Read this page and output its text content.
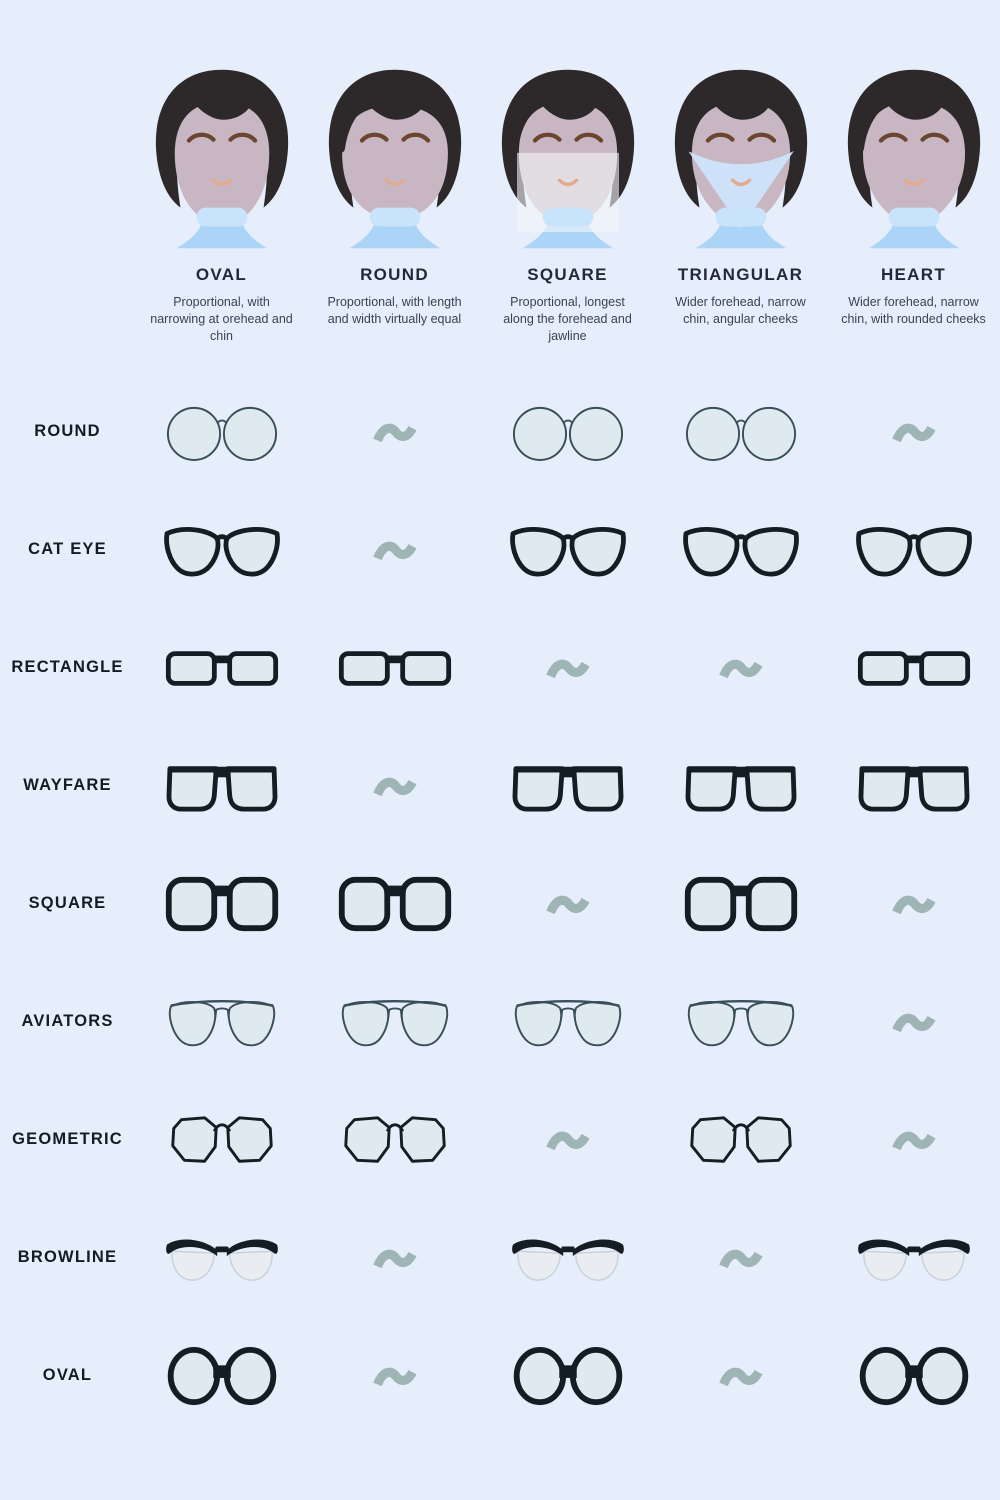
OVAL

Proportional, with narrowing at orehead and chin

ROUND

Proportional, with length and width virtually equal

SQUARE

Proportional, longest along the forehead and jawline

TRIANGULAR

Wider forehead, narrow chin, angular cheeks

HEART

Wider forehead, narrow chin, with rounded cheeks

ROUND
CAT EYE
RECTANGLE
WAYFARE
SQUARE
AVIATORS
GEOMETRIC
BROWLINE
OVAL
